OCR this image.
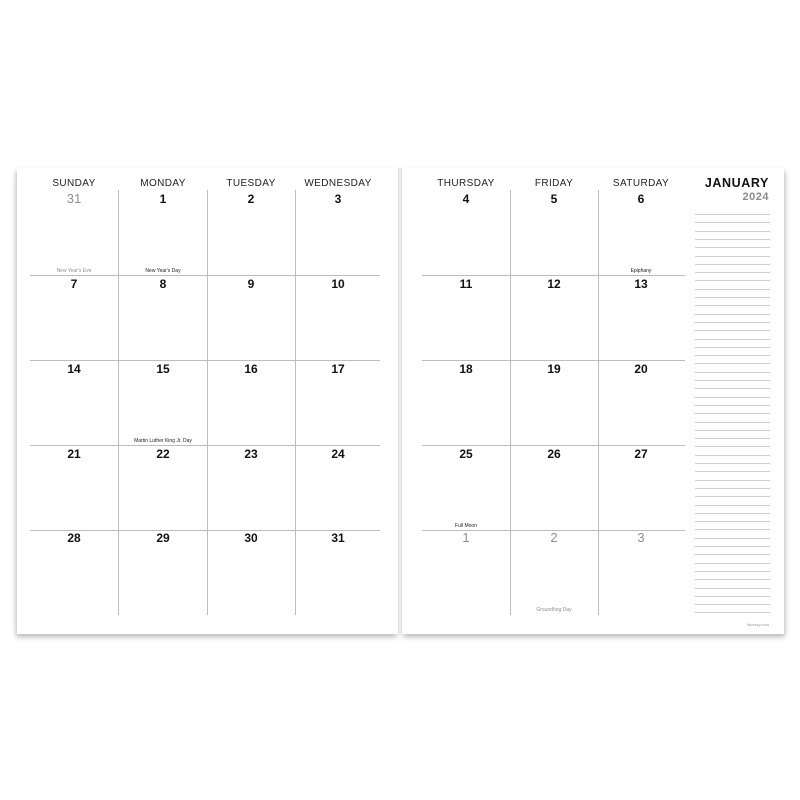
SUNDAY	MONDAY	TUESDAY	WEDNESDAY	THURSDAY	FRIDAY	SATURDAY
31	1	2	3	4	5	6
7	8	9	10	11	12	13
14	15	16	17	18	19	20
21	22	23	24	25	26	27
28	29	30	31	1	2	3
New Year's Eve	New Year's Day	Epiphany
Martin Luther King Jr. Day
Full Moon
Groundhog Day
JANUARY
2024
bluesky.com
